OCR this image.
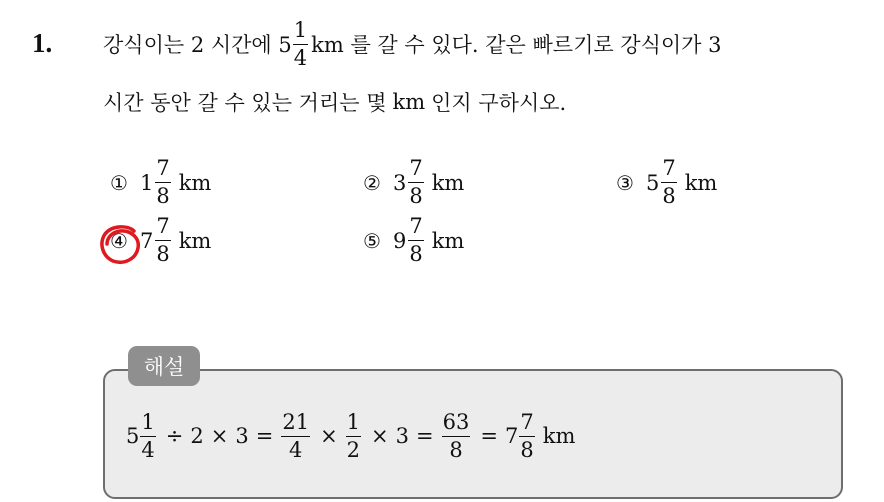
1. 강식이는 2 시간에 $5 \frac{1}{4}$ km 를 갈 수 있다. 같은 빠르기로 강식이가 3
시간 동안 갈 수 있는 거리는 몇 km 인지 구하시오.
① $1 \frac{7}{8}$ km	② $3 \frac{7}{8}$ km	③ $5 \frac{7}{8}$ km
④ $7 \frac{7}{8}$ km	⑤ $9 \frac{7}{8}$ km
해설
$5 \frac{1}{4} \div 2 \times 3 = \frac{21}{4} \times \frac{1}{2} \times 3 = \frac{63}{8} = 7 \frac{7}{8}$ km
